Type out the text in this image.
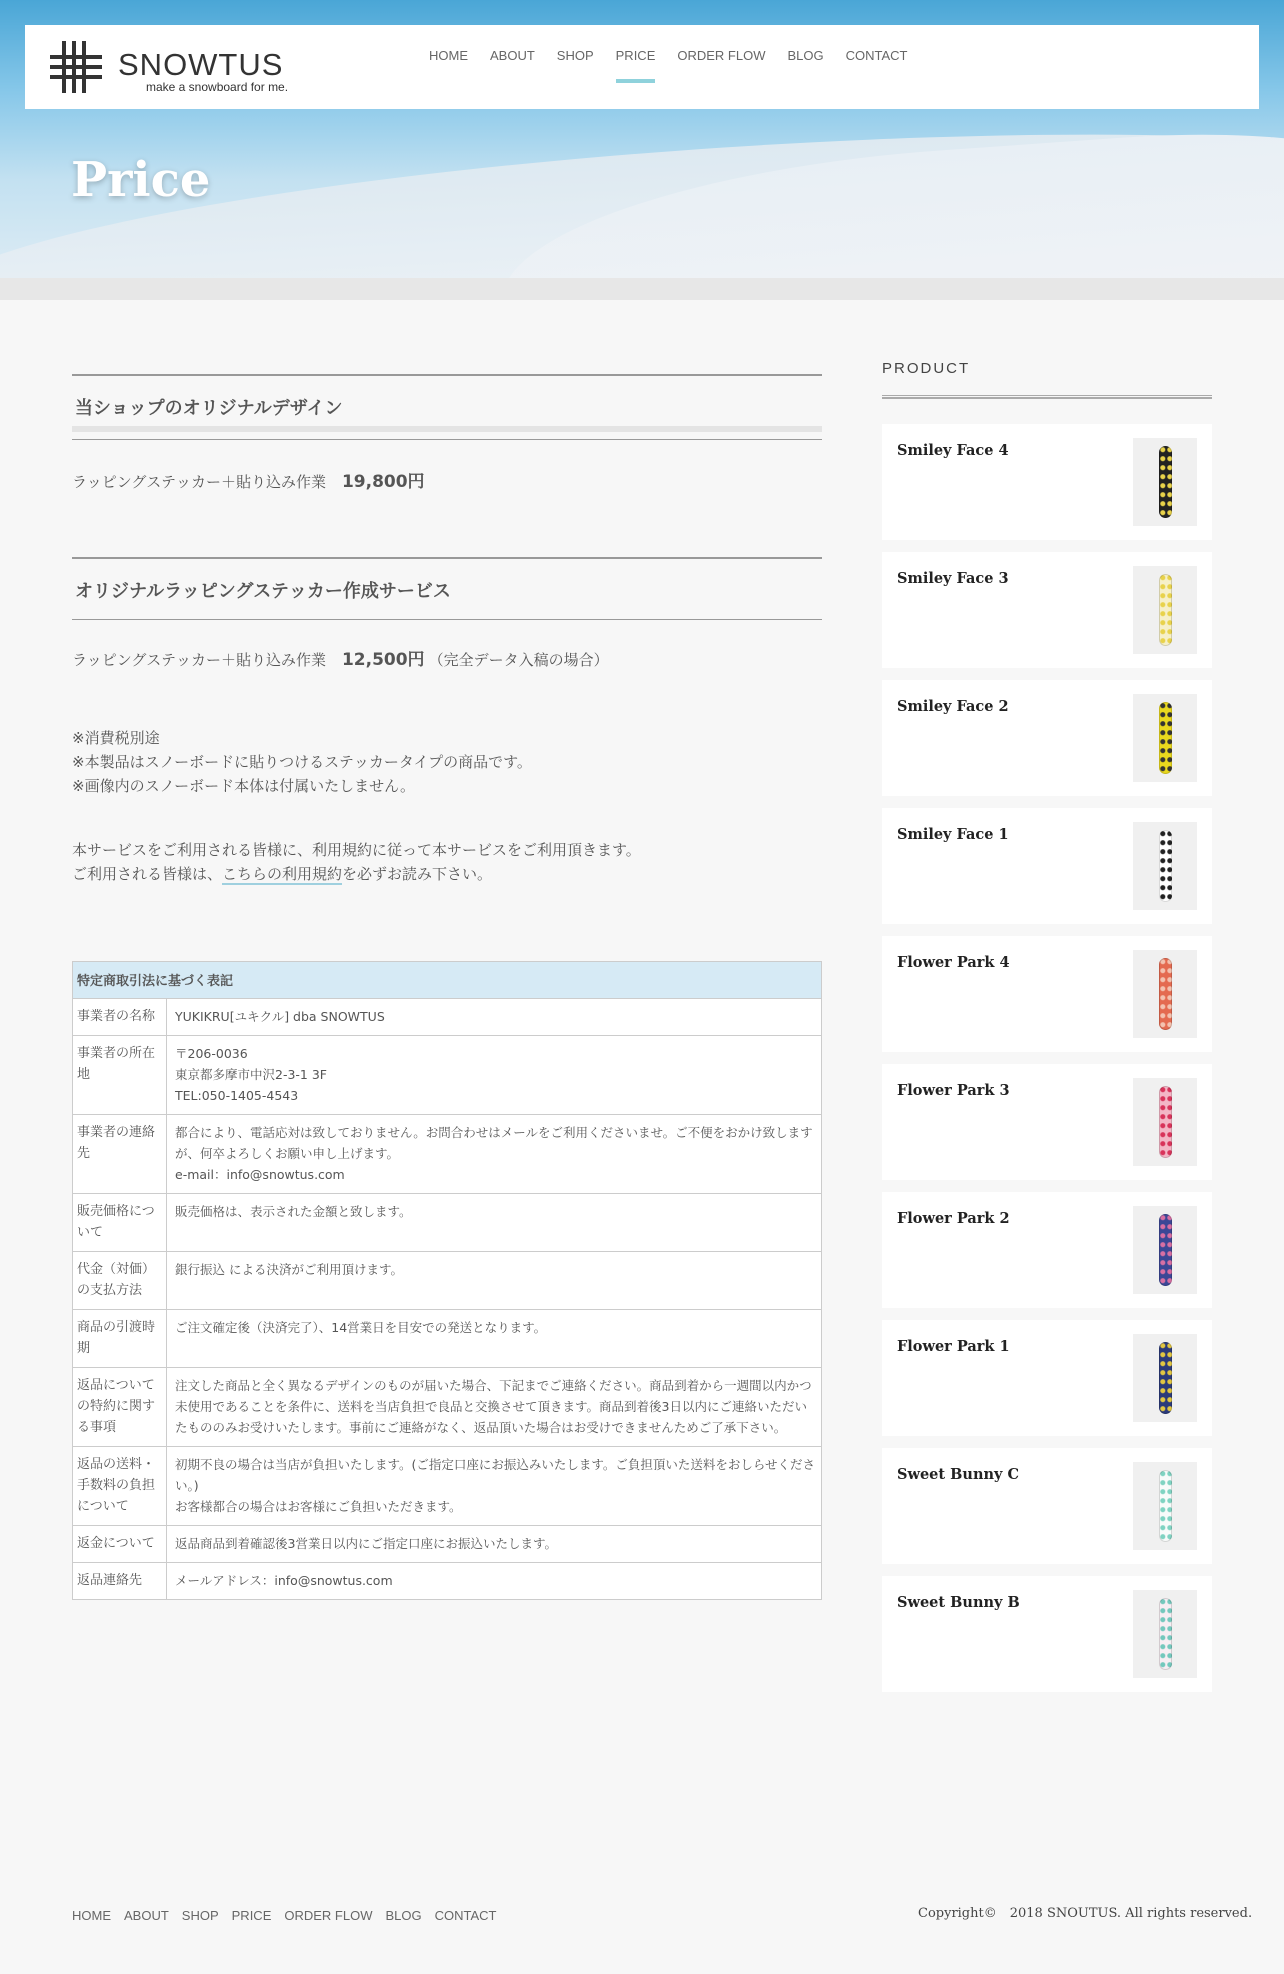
SNOWTUS
make a snowboard for me.
HOME ABOUT SHOP PRICE ORDER FLOW BLOG CONTACT
Price
当ショップのオリジナルデザイン
ラッピングステッカー＋貼り込み作業 19,800円
オリジナルラッピングステッカー作成サービス
ラッピングステッカー＋貼り込み作業 12,500円 （完全データ入稿の場合）
※消費税別途
※本製品はスノーボードに貼りつけるステッカータイプの商品です。
※画像内のスノーボード本体は付属いたしません。
本サービスをご利用される皆様に、利用規約に従って本サービスをご利用頂きます。
ご利用される皆様は、こちらの利用規約を必ずお読み下さい。
特定商取引法に基づく表記	
事業者の名称	YUKIKRU[ユキクル] dba SNOWTUS
事業者の所在地	〒206-0036
東京都多摩市中沢2-3-1 3F
TEL:050-1405-4543
事業者の連絡先	都合により、電話応対は致しておりません。お問合わせはメールをご利用くださいませ。ご不便をおかけ致しますが、何卒よろしくお願い申し上げます。
e-mail：info@snowtus.com
販売価格について	販売価格は、表示された金額と致します。
代金（対価）の支払方法	銀行振込 による決済がご利用頂けます。
商品の引渡時期	ご注文確定後（決済完了）、14営業日を目安での発送となります。
返品についての特約に関する事項	注文した商品と全く異なるデザインのものが届いた場合、下記までご連絡ください。商品到着から一週間以内かつ未使用であることを条件に、送料を当店負担で良品と交換させて頂きます。商品到着後3日以内にご連絡いただいたもののみお受けいたします。事前にご連絡がなく、返品頂いた場合はお受けできませんためご了承下さい。
返品の送料・手数料の負担について	初期不良の場合は当店が負担いたします。(ご指定口座にお振込みいたします。ご負担頂いた送料をおしらせください。)
お客様都合の場合はお客様にご負担いただきます。
返金について	返品商品到着確認後3営業日以内にご指定口座にお振込いたします。
返品連絡先	メールアドレス：info@snowtus.com
PRODUCT
Smiley Face 4
Smiley Face 3
Smiley Face 2
Smiley Face 1
Flower Park 4
Flower Park 3
Flower Park 2
Flower Park 1
Sweet Bunny C
Sweet Bunny B
HOME ABOUT SHOP PRICE ORDER FLOW BLOG CONTACT	Copyright©　2018 SNOUTUS. All rights reserved.
